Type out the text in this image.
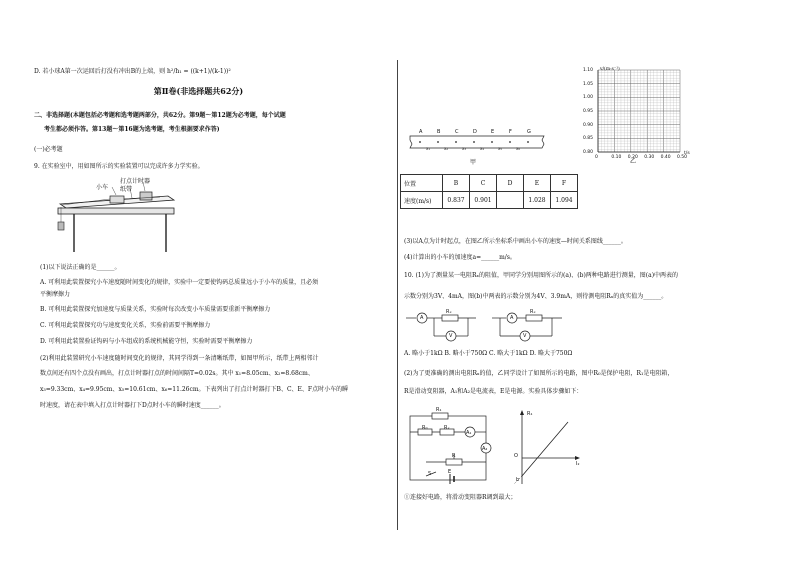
D. 若小球A第一次运回后打没有冲出B的上端，则 h²/h₁ = ((k+1)/(k-1))²
第Ⅱ卷(非选择题共62分)
二、非选择题(本题包括必考题和选考题两部分，共62分。第9题～第12题为必考题，每个试题
考生都必须作答。第13题～第16题为选考题，考生根据要求作答)
(一)必考题
9. 在实验室中，用如图所示的实验装置可以完成许多力学实验。
打点计时器
小车 纸带
(1)以下说法正确的是______。
A. 可利用此装置探究小车速度随时间变化的规律，实验中一定要使钩码总质量远小于小车的质量，且必须
平衡摩擦力
B. 可利用此装置探究加速度与质量关系，实验时每次改变小车质量需要重新平衡摩擦力
C. 可利用此装置探究功与速度变化关系，实验前需要平衡摩擦力
D. 可利用此装置验证钩码与小车组成的系统机械能守恒，实验时需要平衡摩擦力
(2)利用此装置研究小车速度随时间变化的规律，其同学得到一条清晰纸带，如图甲所示，纸带上两相邻计
数点间还有四个点没有画出，打点计时器打点的时间间隔T=0.02s。其中 x₁=8.05cm、x₂=8.68cm、
x₃=9.33cm、x₄=9.95cm、x₅=10.61cm、x₆=11.26cm。下表列出了打点计时器打下B、C、E、F点时小车的瞬
时速度，请在表中填入打点计时器打下D点时小车的瞬时速度______。
A	B	C	D	E	F	G
x₁	x₂	x₃	x₄	x₅	x₆
甲
1.10
1.05
1.00
0.95
0.90
0.85
0.80
0	0.10 0.20 0.30 0.40 0.50
v/(m·s⁻¹)
t/s
乙
位置	B	C	D	E	F
速度(m/s)	0.837	0.901		1.028	1.094
(3)以A点为计时起点，在图乙所示坐标系中画出小车的速度—时间关系图线______。
(4)计算出的小车的加速度a=______m/s。
10. (1)为了测量某一电阻Rₓ的阻值，甲同学分别用图所示的(a)、(b)两种电路进行测量，图(a)中两表的
示数分别为3V、4mA，图(b)中两表的示数分别为4V、3.9mA，则待测电阻Rₓ的真实值为______。
A
Rₓ
V
A
Rₓ
V
A. 略小于1kΩ B. 略小于750Ω C. 略大于1kΩ D. 略大于750Ω
(2)为了更准确的测出电阻Rₓ的值，乙同学设计了如图所示的电路，图中R₀是保护电阻，R₁是电阻箱，
R是滑动变阻器，A₁和A₂是电流表，E是电源。实验具体步骤如下：
R₁
R₀	Rₓ
A₁
A₂
S	E
R
R₁
I₂
O
b
①连接好电路，将滑动变阻器R调到最大；
